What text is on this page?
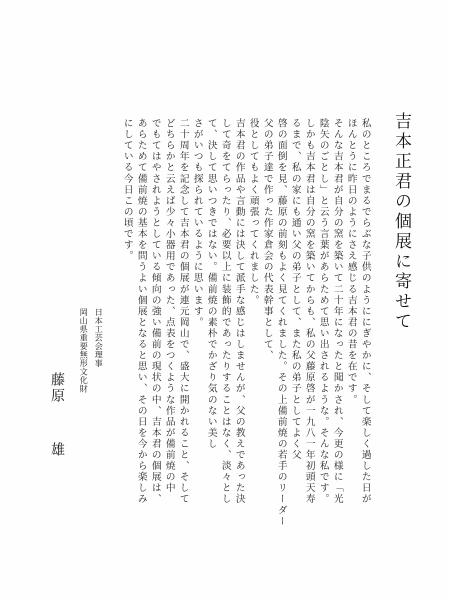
吉本正君の個展に寄せて
私のところでまるでらぶな子供のようににぎやかに、そして楽しく過した日が
ほんとうに昨日のようにさえ感じる吉本君の昔を在です。
そんな吉本君が自分の窯を築いて二十年になったと聞かされ、今更の様に「光
陰矢のごとし」と云う言葉があらためて思い出されるような。そんな私です。
しかも吉本君は自分の窯を築いてからも、私の父藤原啓が一九八一年初頭天寿
るまで、私の家にも通い父の弟子として、また私の弟子としてよく父
啓の面倒を見、藤原の前刻もよく見てくれました。その上備前焼の若手のリーダー
父の弟子達で作った作家倉会の代表幹事として、
役としてもよく頑張ってくれました。
吉本君の作品や言動には決して派手な感じはしませんが、父の教えであった決
して奇をてらったり、必要以上に装飾的であったりすることはなく、淡々とし
て、決して思いつきではない。備前焼の素朴でかざり気のない美し
さがいつも探られているように思います。
二十周年を記念して吉本君の個展が連元岡山で、盛大に開かれること、そして
どちらかと云えば少々小器用であった、点表をつくような作品が備前焼の中
でもてはやされようとしている傾向の強い備前の現状の中、吉本君の個展は、
あらためて備前焼の基本を問うよい個展となると思い、その日を今から楽しみ
にしている今日この頃です。
日本工芸会理事
岡山県重要無形文化財
藤原
雄
